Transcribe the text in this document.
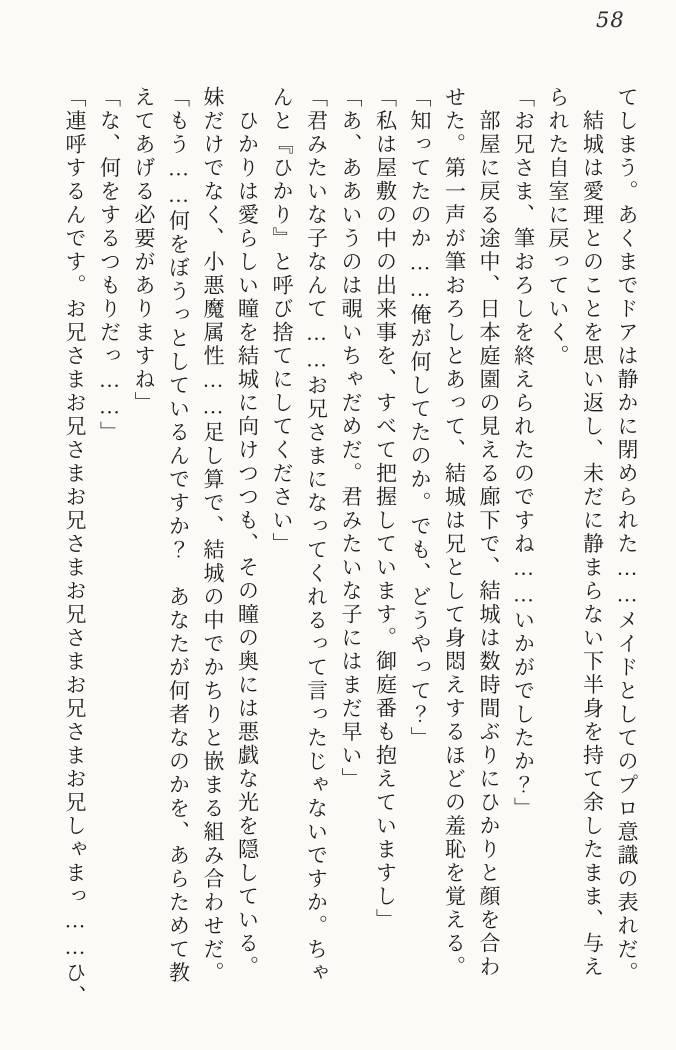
58

てしまう。あくまでドアは静かに閉められた……メイドとしてのプロ意識の表れだ。

　結城は愛理とのことを思い返し、未だに静まらない下半身を持て余したまま、与え

られた自室に戻っていく。

「お兄さま、筆おろしを終えられたのですね……いかがでしたか？」

　部屋に戻る途中、日本庭園の見える廊下で、結城は数時間ぶりにひかりと顔を合わ

せた。第一声が筆おろしとあって、結城は兄として身悶えするほどの羞恥を覚える。

「知ってたのか……俺が何してたのか。でも、どうやって？」

「私は屋敷の中の出来事を、すべて把握しています。御庭番も抱えていますし」

「あ、ああいうのは覗いちゃだめだ。君みたいな子にはまだ早い」

「君みたいな子なんて……お兄さまになってくれるって言ったじゃないですか。ちゃ

んと『ひかり』と呼び捨てにしてください」

　ひかりは愛らしい瞳を結城に向けつつも、その瞳の奥には悪戯な光を隠している。

妹だけでなく、小悪魔属性……足し算で、結城の中でかちりと嵌まる組み合わせだ。

「もう……何をぼうっとしているんですか？　あなたが何者なのかを、あらためて教

えてあげる必要がありますね」

「な、何をするつもりだっ……」

「連呼するんです。お兄さまお兄さまお兄さまお兄さまお兄さまお兄しゃまっ……ひ、
